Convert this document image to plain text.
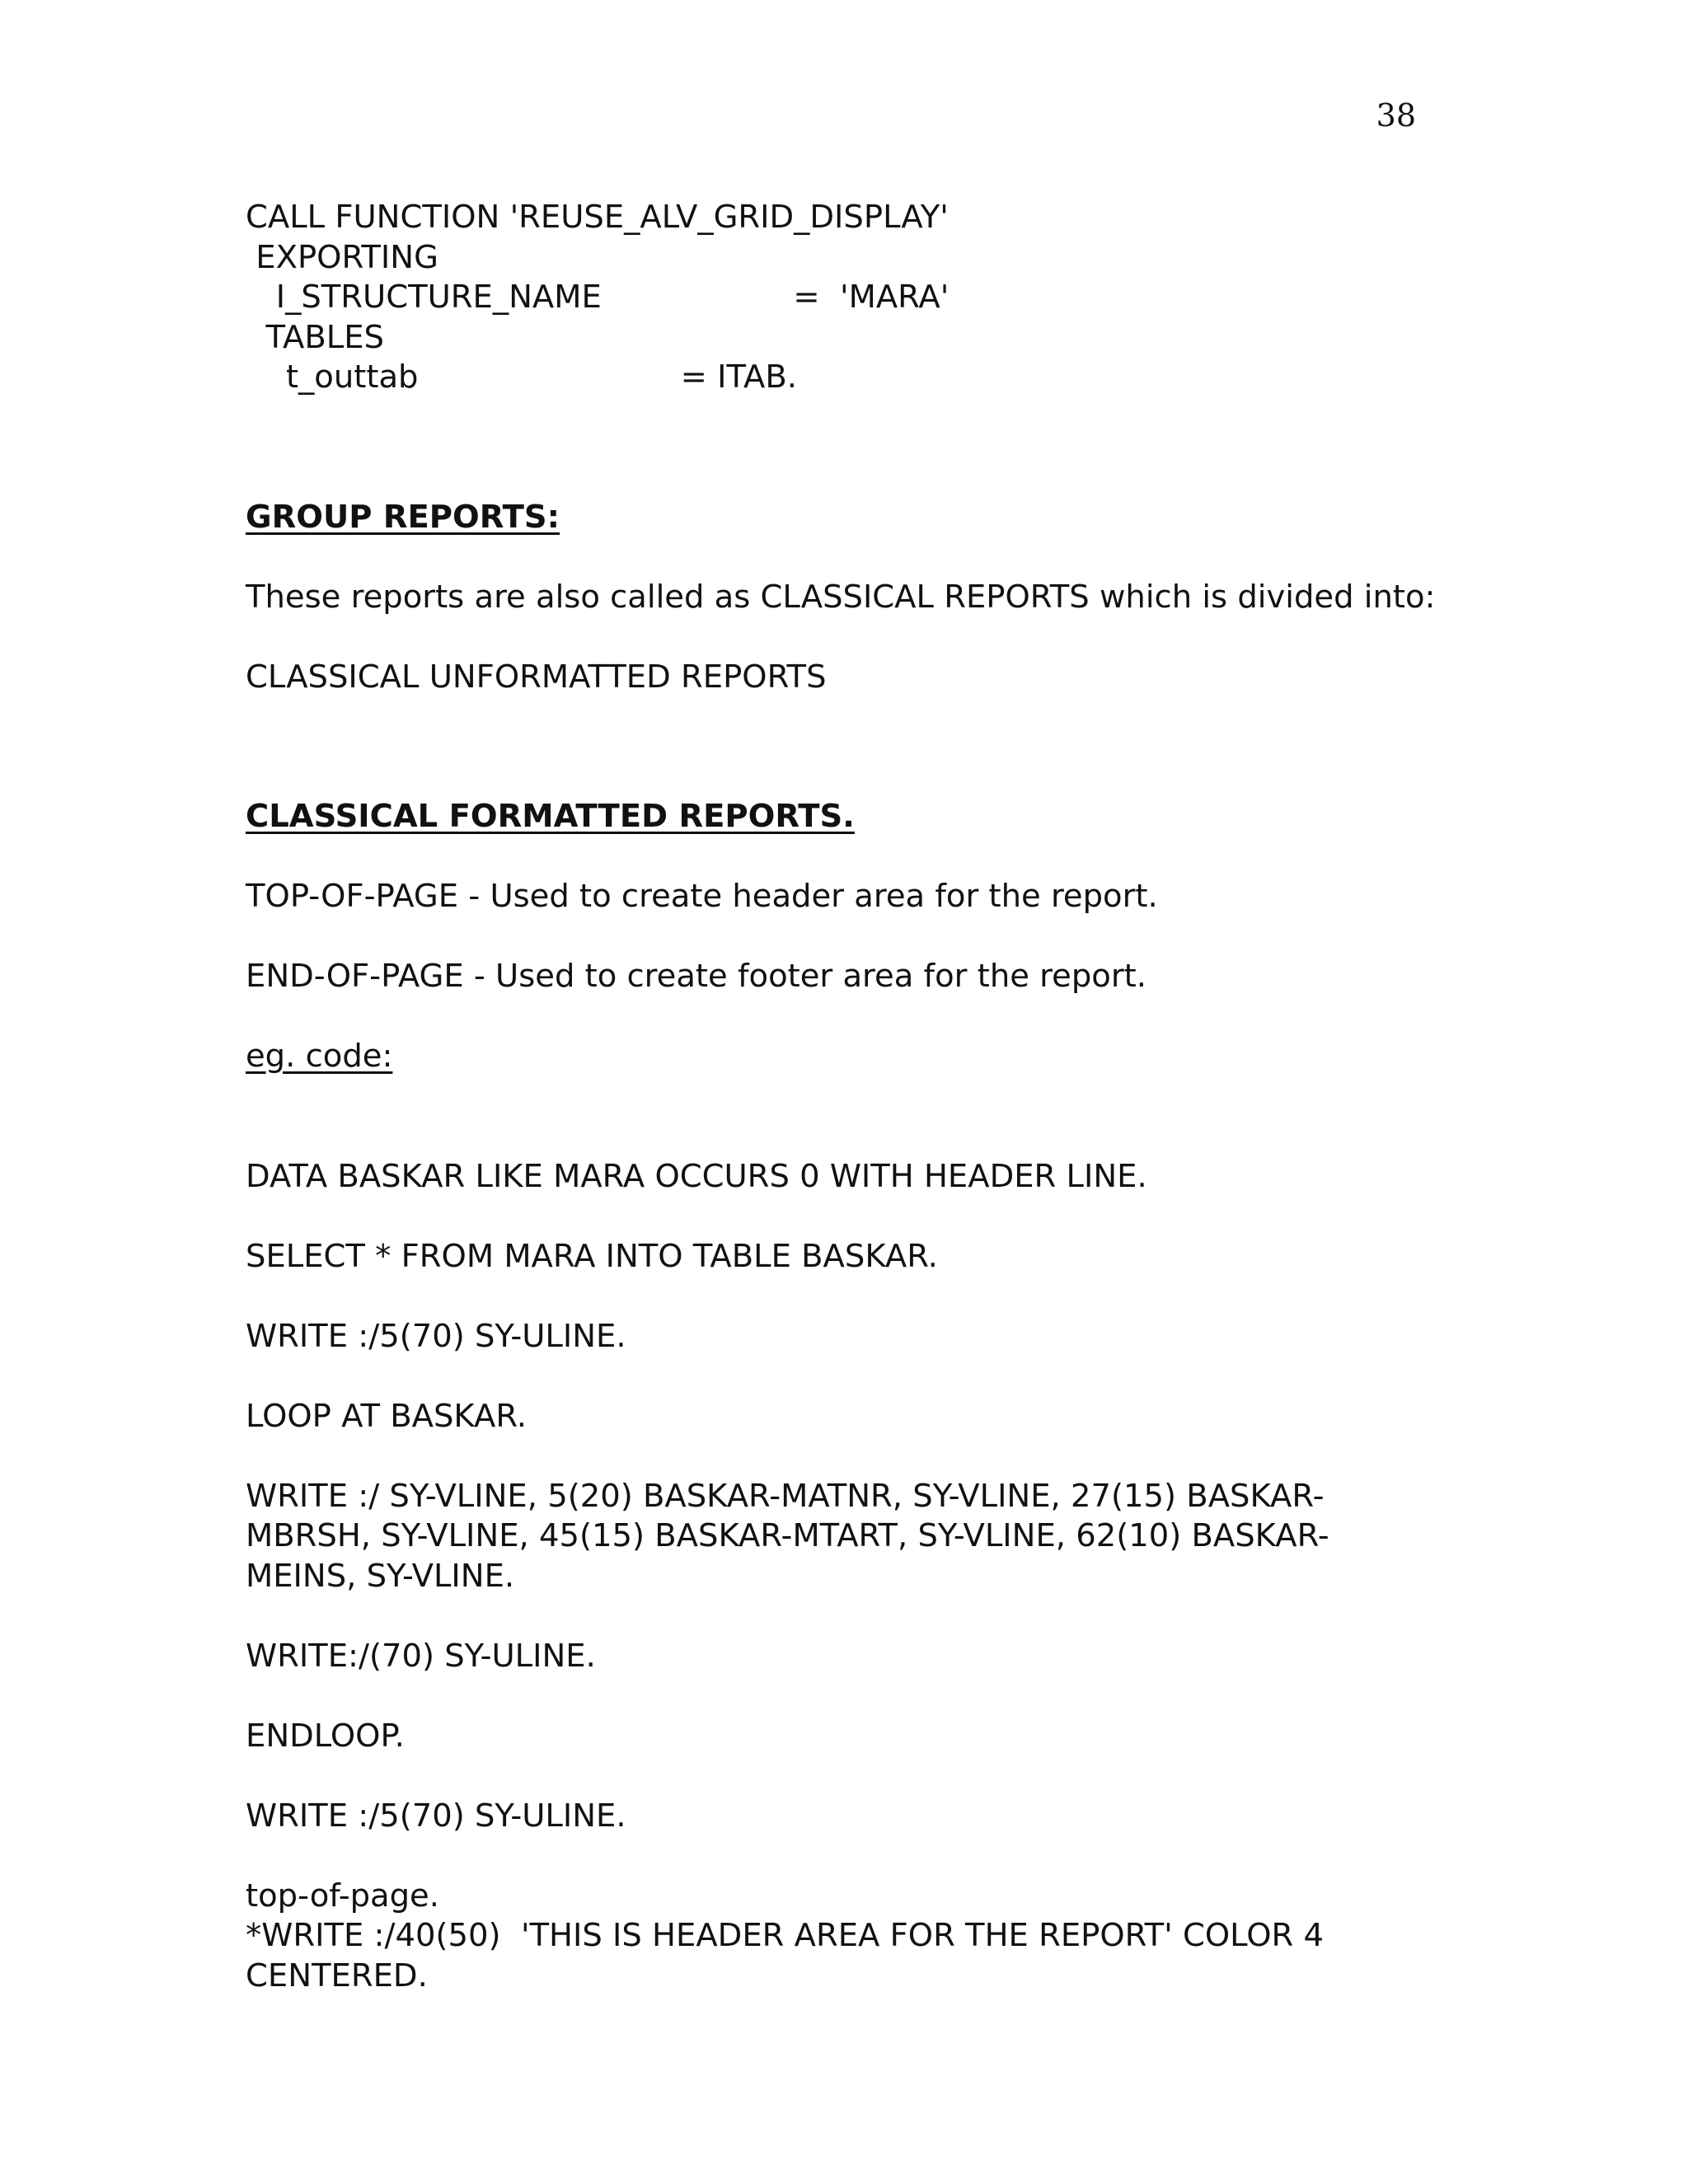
38

CALL FUNCTION 'REUSE_ALV_GRID_DISPLAY'

EXPORTING

I_STRUCTURE_NAME                   =  'MARA'

TABLES

t_outtab                          = ITAB.

GROUP REPORTS:

These reports are also called as CLASSICAL REPORTS which is divided into:

CLASSICAL UNFORMATTED REPORTS

CLASSICAL FORMATTED REPORTS.

TOP-OF-PAGE - Used to create header area for the report.

END-OF-PAGE - Used to create footer area for the report.

eg. code:

DATA BASKAR LIKE MARA OCCURS 0 WITH HEADER LINE.

SELECT * FROM MARA INTO TABLE BASKAR.

WRITE :/5(70) SY-ULINE.

LOOP AT BASKAR.

WRITE :/ SY-VLINE, 5(20) BASKAR-MATNR, SY-VLINE, 27(15) BASKAR-

MBRSH, SY-VLINE, 45(15) BASKAR-MTART, SY-VLINE, 62(10) BASKAR-

MEINS, SY-VLINE.

WRITE:/(70) SY-ULINE.

ENDLOOP.

WRITE :/5(70) SY-ULINE.

top-of-page.

*WRITE :/40(50)  'THIS IS HEADER AREA FOR THE REPORT' COLOR 4

CENTERED.
